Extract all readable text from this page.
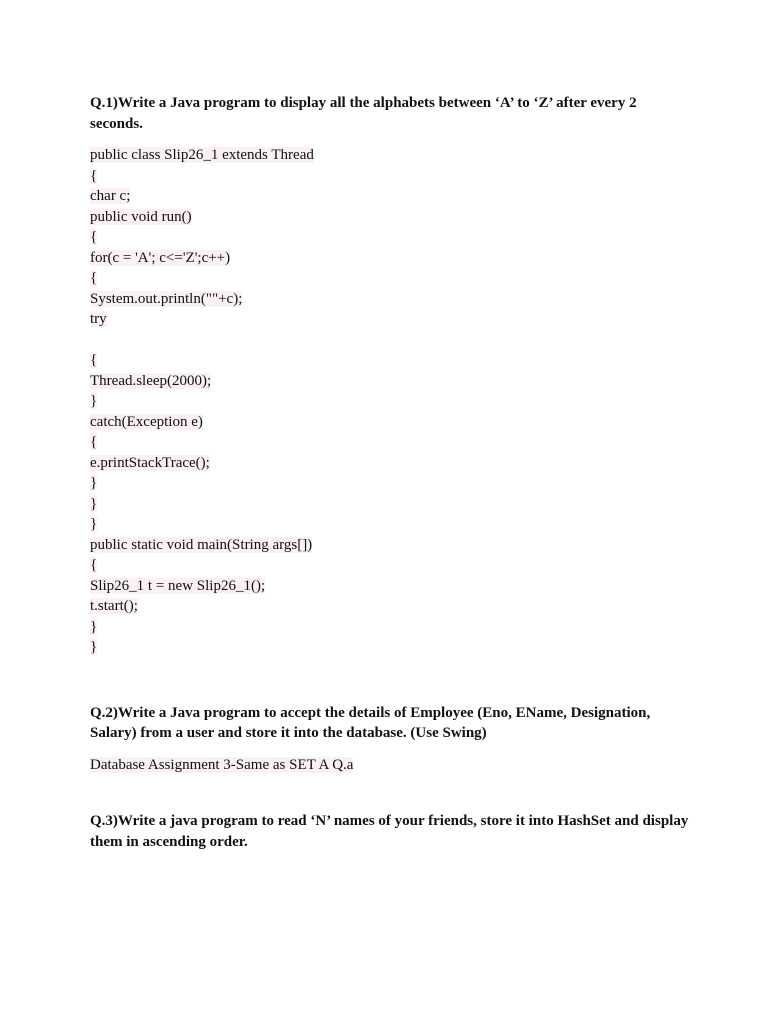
Q.1)Write a Java program to display all the alphabets between ‘A’ to ‘Z’ after every 2 seconds.

public class Slip26_1 extends Thread
{
char c;
public void run()
{
for(c = 'A'; c<='Z';c++)
{
System.out.println(""+c);
try
{
Thread.sleep(2000);
}
catch(Exception e)
{
e.printStackTrace();
}
}
}
public static void main(String args[])
{
Slip26_1 t = new Slip26_1();
t.start();
}
}

Q.2)Write a Java program to accept the details of Employee (Eno, EName, Designation, Salary) from a user and store it into the database. (Use Swing)

Database Assignment 3-Same as SET A Q.a

Q.3)Write a java program to read ‘N’ names of your friends, store it into HashSet and display them in ascending order.
